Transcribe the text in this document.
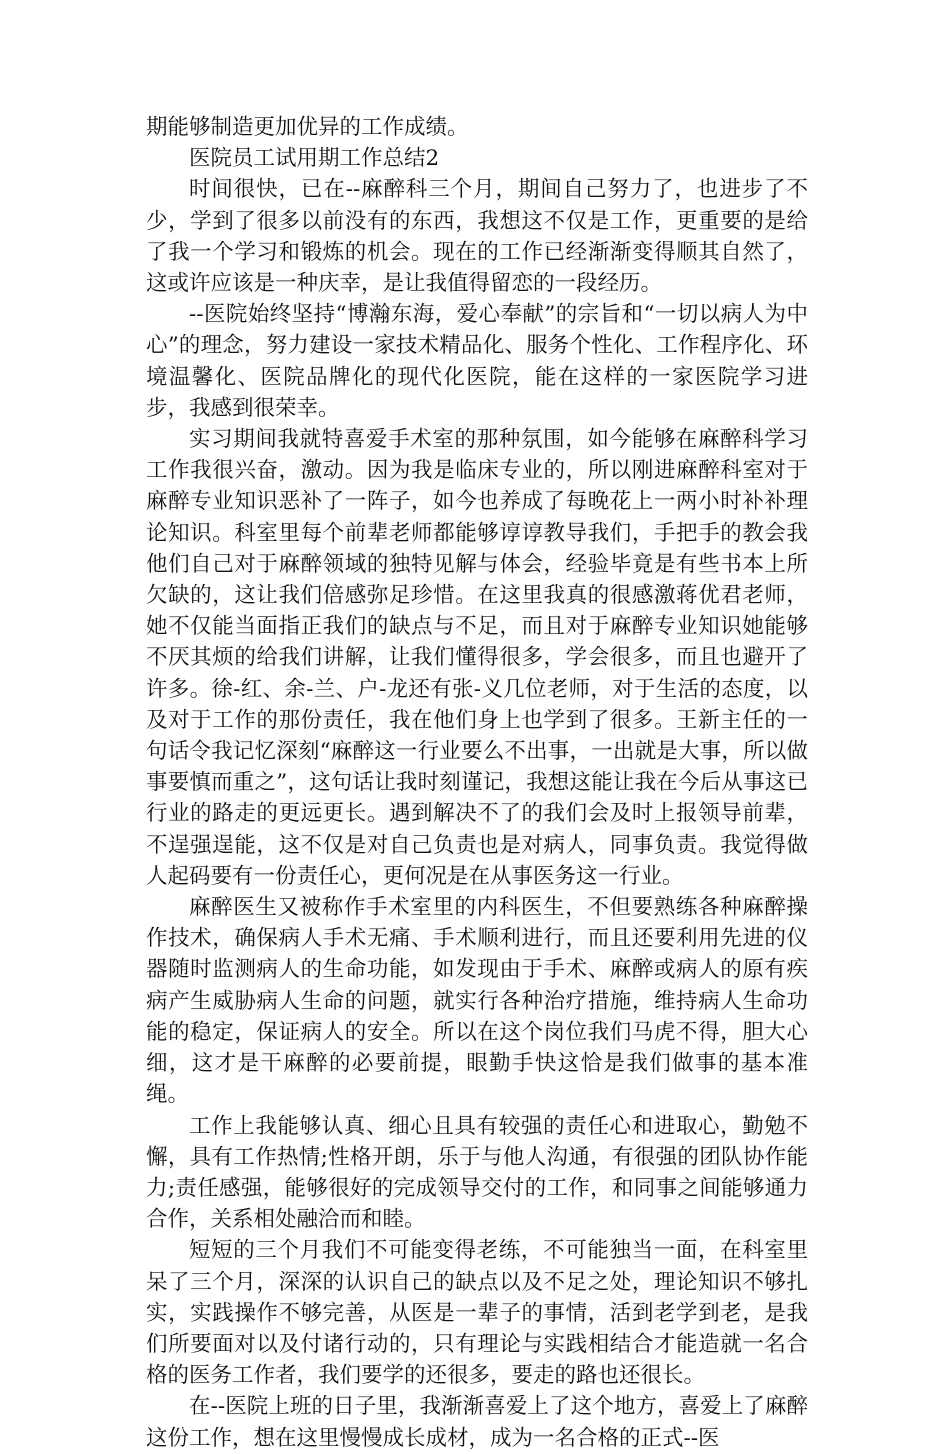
期能够制造更加优异的工作成绩。

医院员工试用期工作总结2

时间很快，已在--麻醉科三个月，期间自己努力了，也进步了不少，学到了很多以前没有的东西，我想这不仅是工作，更重要的是给了我一个学习和锻炼的机会。现在的工作已经渐渐变得顺其自然了，这或许应该是一种庆幸，是让我值得留恋的一段经历。

--医院始终坚持“博瀚东海，爱心奉献”的宗旨和“一切以病人为中心”的理念，努力建设一家技术精品化、服务个性化、工作程序化、环境温馨化、医院品牌化的现代化医院，能在这样的一家医院学习进步，我感到很荣幸。

实习期间我就特喜爱手术室的那种氛围，如今能够在麻醉科学习工作我很兴奋，激动。因为我是临床专业的，所以刚进麻醉科室对于麻醉专业知识恶补了一阵子，如今也养成了每晚花上一两小时补补理论知识。科室里每个前辈老师都能够谆谆教导我们，手把手的教会我他们自己对于麻醉领域的独特见解与体会，经验毕竟是有些书本上所欠缺的，这让我们倍感弥足珍惜。在这里我真的很感激蒋优君老师，她不仅能当面指正我们的缺点与不足，而且对于麻醉专业知识她能够不厌其烦的给我们讲解，让我们懂得很多，学会很多，而且也避开了许多。徐-红、余-兰、户-龙还有张-义几位老师，对于生活的态度，以及对于工作的那份责任，我在他们身上也学到了很多。王新主任的一句话令我记忆深刻“麻醉这一行业要么不出事，一出就是大事，所以做事要慎而重之”，这句话让我时刻谨记，我想这能让我在今后从事这已行业的路走的更远更长。遇到解决不了的我们会及时上报领导前辈，不逞强逞能，这不仅是对自己负责也是对病人，同事负责。我觉得做人起码要有一份责任心，更何况是在从事医务这一行业。

麻醉医生又被称作手术室里的内科医生，不但要熟练各种麻醉操作技术，确保病人手术无痛、手术顺利进行，而且还要利用先进的仪器随时监测病人的生命功能，如发现由于手术、麻醉或病人的原有疾病产生威胁病人生命的问题，就实行各种治疗措施，维持病人生命功能的稳定，保证病人的安全。所以在这个岗位我们马虎不得，胆大心细，这才是干麻醉的必要前提，眼勤手快这恰是我们做事的基本准绳。

工作上我能够认真、细心且具有较强的责任心和进取心，勤勉不懈，具有工作热情;性格开朗，乐于与他人沟通，有很强的团队协作能力;责任感强，能够很好的完成领导交付的工作，和同事之间能够通力合作，关系相处融洽而和睦。

短短的三个月我们不可能变得老练，不可能独当一面，在科室里呆了三个月，深深的认识自己的缺点以及不足之处，理论知识不够扎实，实践操作不够完善，从医是一辈子的事情，活到老学到老，是我们所要面对以及付诸行动的，只有理论与实践相结合才能造就一名合格的医务工作者，我们要学的还很多，要走的路也还很长。

在--医院上班的日子里，我渐渐喜爱上了这个地方，喜爱上了麻醉这份工作，想在这里慢慢成长成材，成为一名合格的正式--医
